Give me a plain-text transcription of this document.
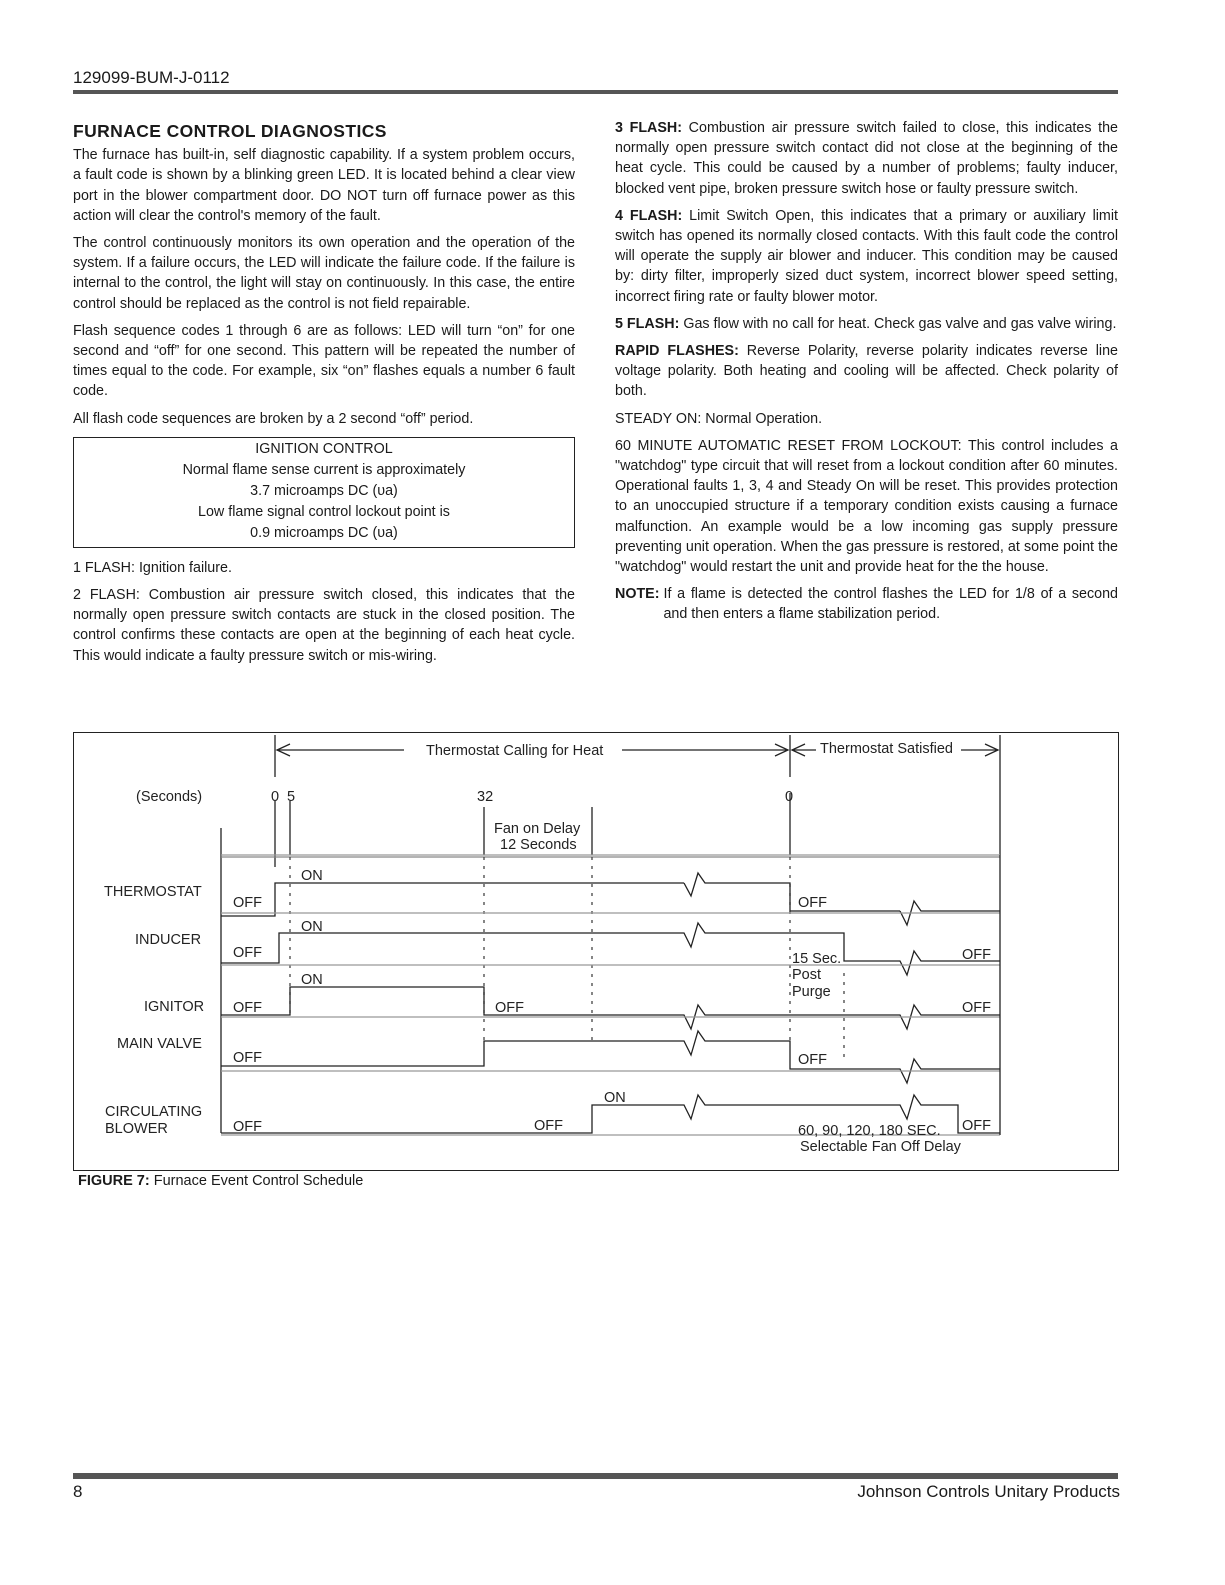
129099-BUM-J-0112
FURNACE CONTROL DIAGNOSTICS

The furnace has built-in, self diagnostic capability. If a system problem occurs, a fault code is shown by a blinking green LED. It is located behind a clear view port in the blower compartment door. DO NOT turn off furnace power as this action will clear the control's memory of the fault.

The control continuously monitors its own operation and the operation of the system. If a failure occurs, the LED will indicate the failure code. If the failure is internal to the control, the light will stay on continuously. In this case, the entire control should be replaced as the control is not field repairable.

Flash sequence codes 1 through 6 are as follows: LED will turn “on” for one second and “off” for one second. This pattern will be repeated the number of times equal to the code. For example, six “on” flashes equals a number 6 fault code.

All flash code sequences are broken by a 2 second “off” period.

IGNITION CONTROL
Normal flame sense current is approximately
3.7 microamps DC (υa)
Low flame signal control lockout point is
0.9 microamps DC (υa)

1 FLASH: Ignition failure.

2 FLASH: Combustion air pressure switch closed, this indicates that the normally open pressure switch contacts are stuck in the closed position. The control confirms these contacts are open at the beginning of each heat cycle. This would indicate a faulty pressure switch or mis-wiring.

3 FLASH: Combustion air pressure switch failed to close, this indicates the normally open pressure switch contact did not close at the beginning of the heat cycle. This could be caused by a number of problems; faulty inducer, blocked vent pipe, broken pressure switch hose or faulty pressure switch.

4 FLASH: Limit Switch Open, this indicates that a primary or auxiliary limit switch has opened its normally closed contacts. With this fault code the control will operate the supply air blower and inducer. This condition may be caused by: dirty filter, improperly sized duct system, incorrect blower speed setting, incorrect firing rate or faulty blower motor.

5 FLASH: Gas flow with no call for heat. Check gas valve and gas valve wiring.

RAPID FLASHES: Reverse Polarity, reverse polarity indicates reverse line voltage polarity. Both heating and cooling will be affected. Check polarity of both.

STEADY ON: Normal Operation.

60 MINUTE AUTOMATIC RESET FROM LOCKOUT: This control includes a "watchdog" type circuit that will reset from a lockout condition after 60 minutes. Operational faults 1, 3, 4 and Steady On will be reset. This provides protection to an unoccupied structure if a temporary condition exists causing a furnace malfunction. An example would be a low incoming gas supply pressure preventing unit operation. When the gas pressure is restored, at some point the "watchdog" would restart the unit and provide heat for the the house.

NOTE: If a flame is detected the control flashes the LED for 1/8 of a second and then enters a flame stabilization period.
Thermostat Calling for Heat	Thermostat Satisfied
(Seconds)	0 5	32	0
Fan on Delay
12 Seconds
THERMOSTAT
INDUCER
IGNITOR
MAIN VALVE
CIRCULATING
BLOWER
OFF
ON
OFF
OFF
ON
15 Sec.
Post
Purge
OFF
OFF
ON
OFF	OFF
OFF	OFF
OFF
ON
OFF	60, 90, 120, 180 SEC. OFF
Selectable Fan Off Delay
FIGURE 7: Furnace Event Control Schedule
8	Johnson Controls Unitary Products
